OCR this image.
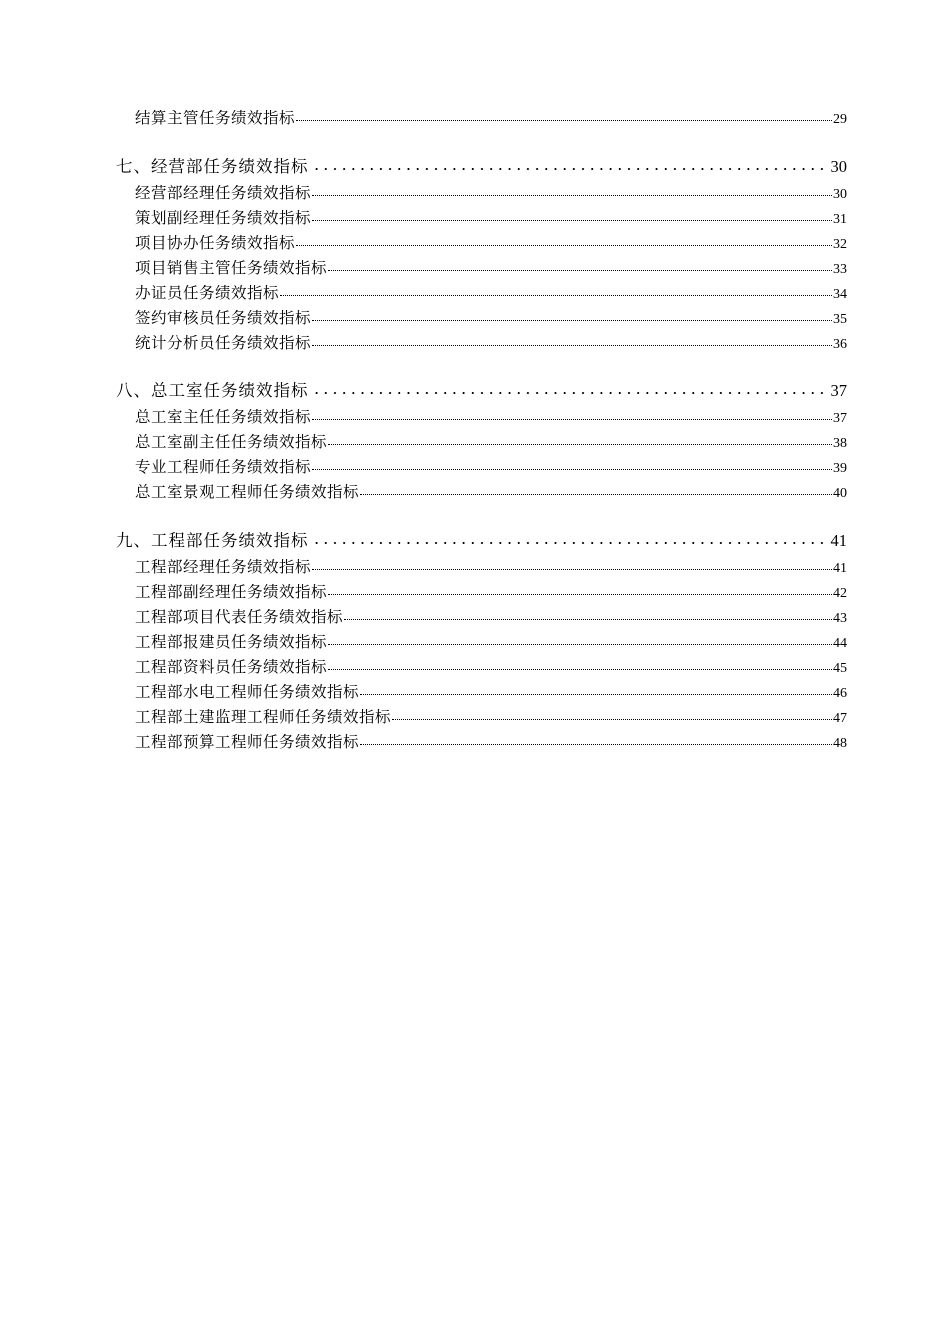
结算主管任务绩效指标	29
七、经营部任务绩效指标	30
经营部经理任务绩效指标	30
策划副经理任务绩效指标	31
项目协办任务绩效指标	32
项目销售主管任务绩效指标	33
办证员任务绩效指标	34
签约审核员任务绩效指标	35
统计分析员任务绩效指标	36
八、总工室任务绩效指标	37
总工室主任任务绩效指标	37
总工室副主任任务绩效指标	38
专业工程师任务绩效指标	39
总工室景观工程师任务绩效指标	40
九、工程部任务绩效指标	41
工程部经理任务绩效指标	41
工程部副经理任务绩效指标	42
工程部项目代表任务绩效指标	43
工程部报建员任务绩效指标	44
工程部资料员任务绩效指标	45
工程部水电工程师任务绩效指标	46
工程部土建监理工程师任务绩效指标	47
工程部预算工程师任务绩效指标	48
